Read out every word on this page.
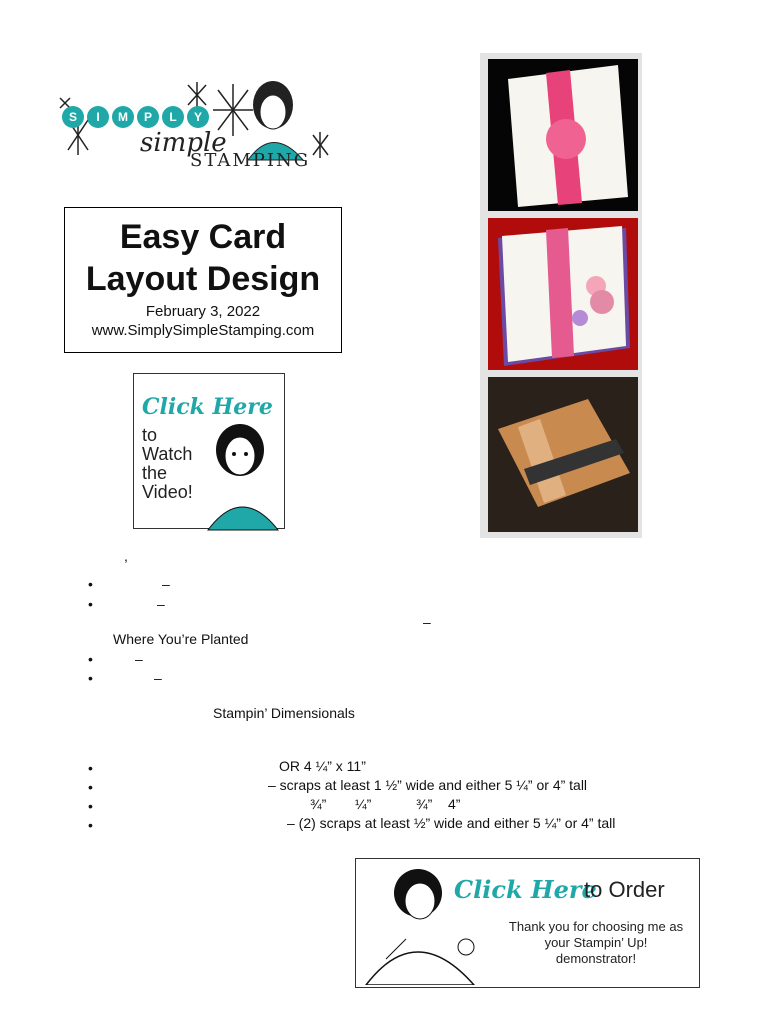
S	I	M	P	L	Y
simple
STAMPING
Easy Card
Layout Design
February 3, 2022
www.SimplySimpleStamping.com
Click Here
to
Watch
the
Video!
,
•	–
•	–
–
Where You’re Planted
•	–
•	–
Stampin’ Dimensionals
•	OR 4 ¼” x 11”
•	– scraps at least 1 ½” wide and either 5 ¼” or 4” tall
•	¾” ¼”	¾” 4”
•	– (2) scraps at least ½” wide and either 5 ¼” or 4” tall
Click Here
to Order
Thank you for choosing me as your Stampin’ Up! demonstrator!
